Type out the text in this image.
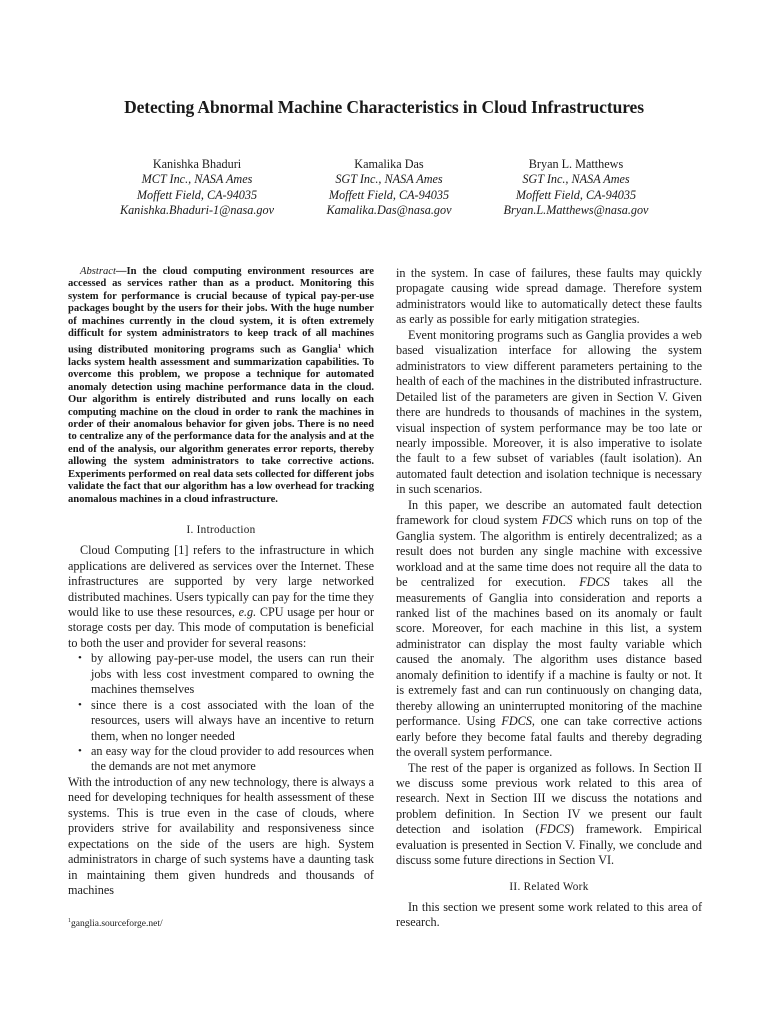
Detecting Abnormal Machine Characteristics in Cloud Infrastructures
Kanishka Bhaduri
MCT Inc., NASA Ames
Moffett Field, CA-94035
Kanishka.Bhaduri-1@nasa.gov
Kamalika Das
SGT Inc., NASA Ames
Moffett Field, CA-94035
Kamalika.Das@nasa.gov
Bryan L. Matthews
SGT Inc., NASA Ames
Moffett Field, CA-94035
Bryan.L.Matthews@nasa.gov

Abstract—In the cloud computing environment resources are accessed as services rather than as a product. Monitoring this system for performance is crucial because of typical pay-per-use packages bought by the users for their jobs. With the huge number of machines currently in the cloud system, it is often extremely difficult for system administrators to keep track of all machines using distributed monitoring programs such as Ganglia$^1$ which lacks system health assessment and summarization capabilities. To overcome this problem, we propose a technique for automated anomaly detection using machine performance data in the cloud. Our algorithm is entirely distributed and runs locally on each computing machine on the cloud in order to rank the machines in order of their anomalous behavior for given jobs. There is no need to centralize any of the performance data for the analysis and at the end of the analysis, our algorithm generates error reports, thereby allowing the system administrators to take corrective actions. Experiments performed on real data sets collected for different jobs validate the fact that our algorithm has a low overhead for tracking anomalous machines in a cloud infrastructure.

I. Introduction

Cloud Computing [1] refers to the infrastructure in which applications are delivered as services over the Internet. These infrastructures are supported by very large networked distributed machines. Users typically can pay for the time they would like to use these resources, e.g. CPU usage per hour or storage costs per day. This mode of computation is beneficial to both the user and provider for several reasons:

• by allowing pay-per-use model, the users can run their jobs with less cost investment compared to owning the machines themselves
• since there is a cost associated with the loan of the resources, users will always have an incentive to return them, when no longer needed
• an easy way for the cloud provider to add resources when the demands are not met anymore

With the introduction of any new technology, there is always a need for developing techniques for health assessment of these systems. This is true even in the case of clouds, where providers strive for availability and responsiveness since expectations on the side of the users are high. System administrators in charge of such systems have a daunting task in maintaining them given hundreds and thousands of machines

$^1$ganglia.sourceforge.net/

in the system. In case of failures, these faults may quickly propagate causing wide spread damage. Therefore system administrators would like to automatically detect these faults as early as possible for early mitigation strategies.

Event monitoring programs such as Ganglia provides a web based visualization interface for allowing the system administrators to view different parameters pertaining to the health of each of the machines in the distributed infrastructure. Detailed list of the parameters are given in Section V. Given there are hundreds to thousands of machines in the system, visual inspection of system performance may be too late or nearly impossible. Moreover, it is also imperative to isolate the fault to a few subset of variables (fault isolation). An automated fault detection and isolation technique is necessary in such scenarios.

In this paper, we describe an automated fault detection framework for cloud system FDCS which runs on top of the Ganglia system. The algorithm is entirely decentralized; as a result does not burden any single machine with excessive workload and at the same time does not require all the data to be centralized for execution. FDCS takes all the measurements of Ganglia into consideration and reports a ranked list of the machines based on its anomaly or fault score. Moreover, for each machine in this list, a system administrator can display the most faulty variable which caused the anomaly. The algorithm uses distance based anomaly definition to identify if a machine is faulty or not. It is extremely fast and can run continuously on changing data, thereby allowing an uninterrupted monitoring of the machine performance. Using FDCS, one can take corrective actions early before they become fatal faults and thereby degrading the overall system performance.

The rest of the paper is organized as follows. In Section II we discuss some previous work related to this area of research. Next in Section III we discuss the notations and problem definition. In Section IV we present our fault detection and isolation (FDCS) framework. Empirical evaluation is presented in Section V. Finally, we conclude and discuss some future directions in Section VI.

II. Related Work

In this section we present some work related to this area of research.
